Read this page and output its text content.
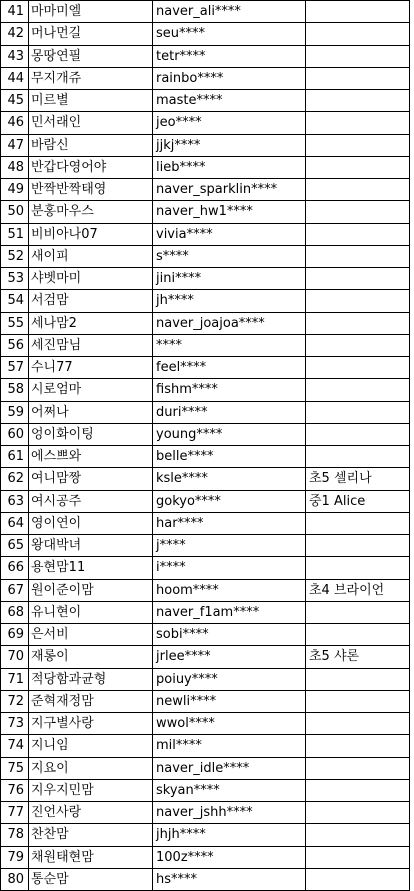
41	마마미엘	naver_ali****	
42	머나먼길	seu****	
43	몽땅연필	tetr****	
44	무지개쥬	rainbo****	
45	미르별	maste****	
46	민서래인	jeo****	
47	바람신	jjkj****	
48	반갑다영어야	lieb****	
49	반짝반짝태영	naver_sparklin****	
50	분홍마우스	naver_hw1****	
51	비비아나07	vivia****	
52	새이피	s****	
53	샤벳마미	jini****	
54	서검맘	jh****	
55	세나맘2	naver_joajoa****	
56	세진맘님	****	
57	수니77	feel****	
58	시로엄마	fishm****	
59	어쩌나	duri****	
60	엉이화이팅	young****	
61	에스쁘와	belle****	
62	여니맘짱	ksle****	초5 셀리나
63	여시공주	gokyo****	중1 Alice
64	영이연이	har****	
65	왕대박녀	j****	
66	용현맘11	i****	
67	원이준이맘	hoom****	초4 브라이언
68	유니현이	naver_f1am****	
69	은서비	sobi****	
70	재롱이	jrlee****	초5 샤론
71	적당함과균형	poiuy****	
72	준혁재정맘	newli****	
73	지구별사랑	wwol****	
74	지니임	mil****	
75	지요이	naver_idle****	
76	지우지민맘	skyan****	
77	진언사랑	naver_jshh****	
78	찬찬맘	jhjh****	
79	채원태현맘	100z****	
80	통순맘	hs****	
